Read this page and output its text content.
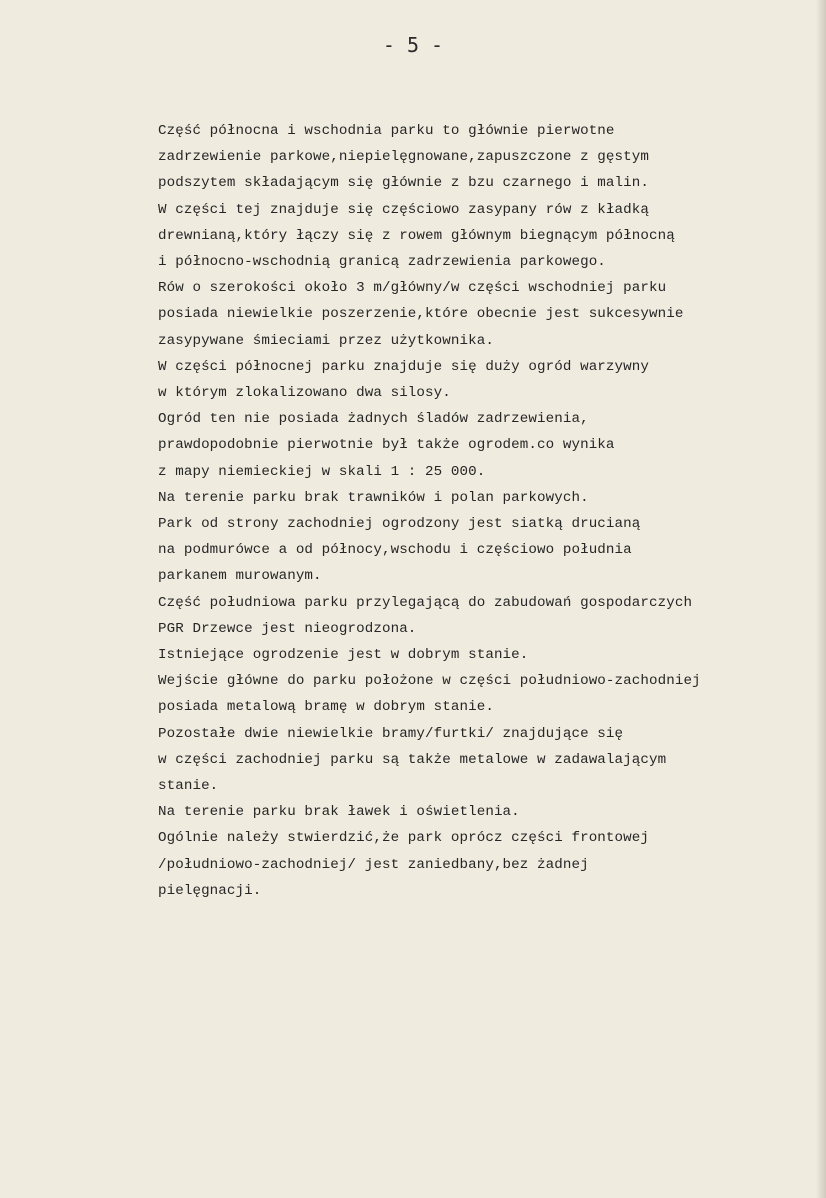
- 5 -
Część północna i wschodnia parku to głównie pierwotne
zadrzewienie parkowe,niepielęgnowane,zapuszczone z gęstym
podszytem składającym się głównie z bzu czarnego i malin.
W części tej znajduje się częściowo zasypany rów z kładką
drewnianą,który łączy się z rowem głównym biegnącym północną
i północno-wschodnią granicą zadrzewienia parkowego.
Rów o szerokości około 3 m/główny/w części wschodniej parku
posiada niewielkie poszerzenie,które obecnie jest sukcesywnie
zasypywane śmieciami przez użytkownika.
W części północnej parku znajduje się duży ogród warzywny
w którym zlokalizowano dwa silosy.
Ogród ten nie posiada żadnych śladów zadrzewienia,
prawdopodobnie pierwotnie był także ogrodem.co wynika
z mapy niemieckiej w skali 1 : 25 000.
Na terenie parku brak trawników i polan parkowych.
Park od strony zachodniej ogrodzony jest siatką drucianą
na podmurówce a od północy,wschodu i częściowo południa
parkanem murowanym.
Część południowa parku przylegającą do zabudowań gospodarczych
PGR Drzewce jest nieogrodzona.
Istniejące ogrodzenie jest w dobrym stanie.
Wejście główne do parku położone w części południowo-zachodniej
posiada metalową bramę w dobrym stanie.
Pozostałe dwie niewielkie bramy/furtki/ znajdujące się
w części zachodniej parku są także metalowe w zadawalającym
stanie.
Na terenie parku brak ławek i oświetlenia.
Ogólnie należy stwierdzić,że park oprócz części frontowej
/południowo-zachodniej/ jest zaniedbany,bez żadnej
pielęgnacji.
